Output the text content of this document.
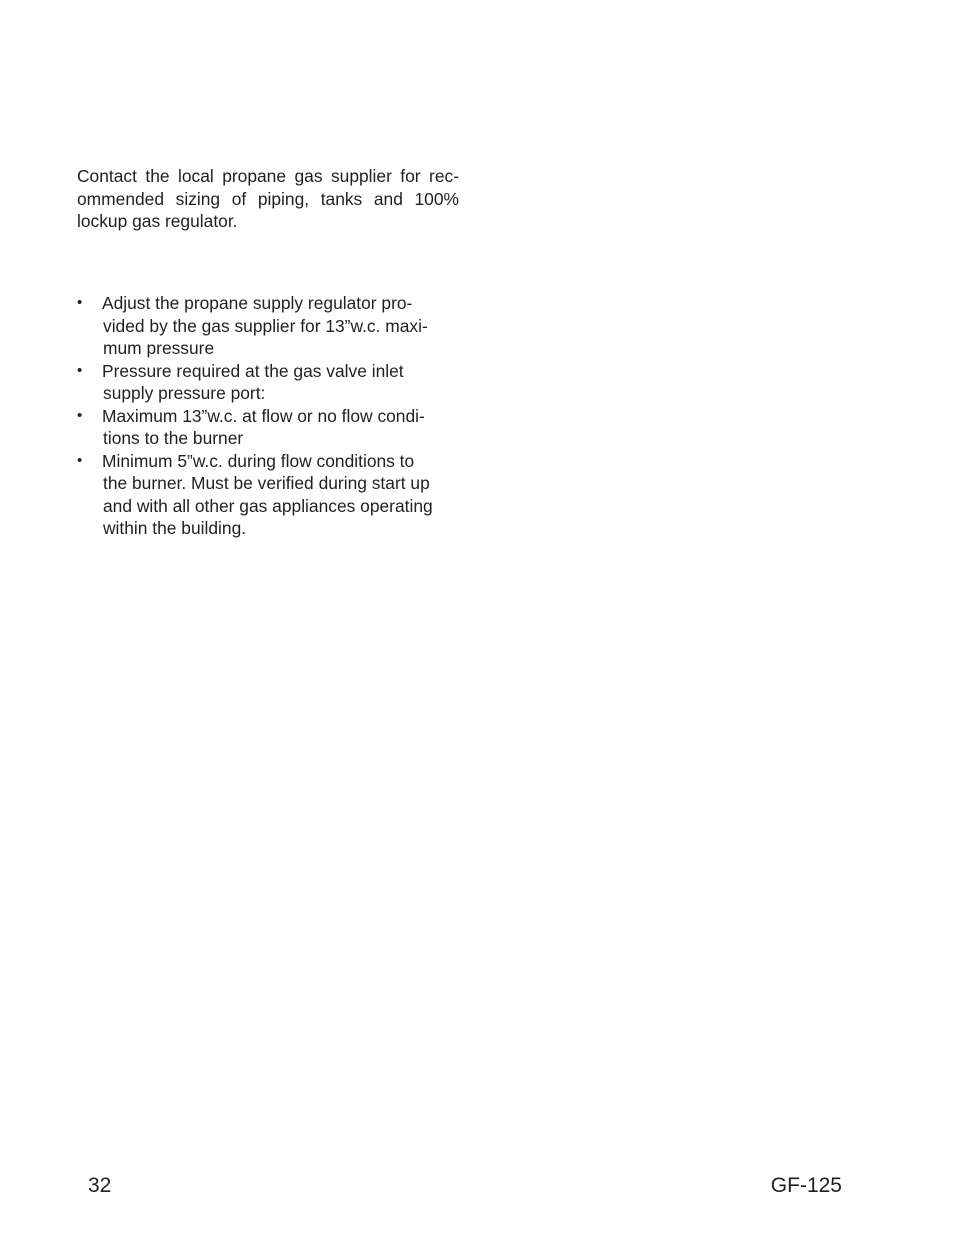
Contact the local propane gas supplier for rec-
ommended sizing of piping, tanks and 100%
lockup gas regulator.

• Adjust the propane supply regulator pro-
vided by the gas supplier for 13”w.c. maxi-
mum pressure
• Pressure required at the gas valve inlet
supply pressure port:
• Maximum 13”w.c. at flow or no flow condi-
tions to the burner
• Minimum 5”w.c. during flow conditions to
the burner. Must be verified during start up
and with all other gas appliances operating
within the building.
32	GF-125
